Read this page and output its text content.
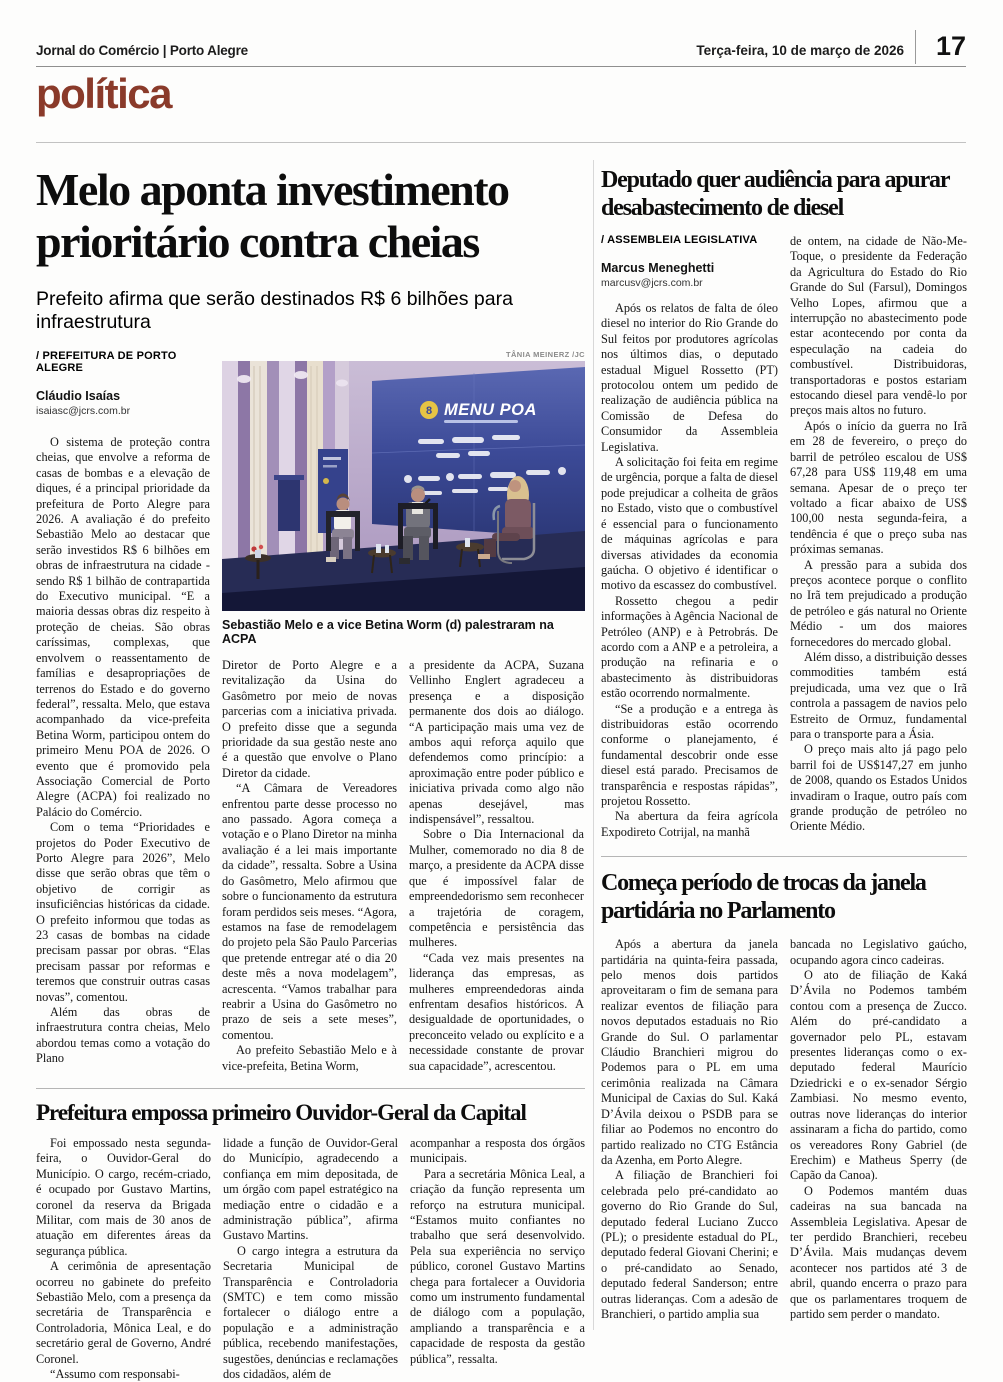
Jornal do Comércio | Porto Alegre	Terça-feira, 10 de março de 2026 17
política
Melo aponta investimento prioritário contra cheias
Prefeito afirma que serão destinados R$ 6 bilhões para infraestrutura
/ PREFEITURA DE PORTO ALEGRE
Cláudio Isaías
isaiasc@jcrs.com.br

O sistema de proteção contra cheias, que envolve a reforma de casas de bombas e a elevação de diques, é a principal prioridade da prefeitura de Porto Alegre para 2026. A avaliação é do prefeito Sebastião Melo ao destacar que serão investidos R$ 6 bilhões em obras de infraestrutura na cidade - sendo R$ 1 bilhão de contrapartida do Executivo municipal. “E a maioria dessas obras diz respeito à proteção de cheias. São obras caríssimas, complexas, que envolvem o reassentamento de famílias e desapropriações de terrenos do Estado e do governo federal”, ressalta. Melo, que estava acompanhado da vice-prefeita Betina Worm, participou ontem do primeiro Menu POA de 2026. O evento que é promovido pela Associação Comercial de Porto Alegre (ACPA) foi realizado no Palácio do Comércio.

Com o tema “Prioridades e projetos do Poder Executivo de Porto Alegre para 2026”, Melo disse que serão obras que têm o objetivo de corrigir as insuficiências históricas da cidade. O prefeito informou que todas as 23 casas de bombas na cidade precisam passar por obras. “Elas precisam passar por reformas e teremos que construir outras casas novas”, comentou.

Além das obras de infraestrutura contra cheias, Melo abordou temas como a votação do Plano

TÂNIA MEINERZ /JC
8 MENU POA
Sebastião Melo e a vice Betina Worm (d) palestraram na ACPA

Diretor de Porto Alegre e a revitalização da Usina do Gasômetro por meio de novas parcerias com a iniciativa privada. O prefeito disse que a segunda prioridade da sua gestão neste ano é a questão que envolve o Plano Diretor da cidade.

“A Câmara de Vereadores enfrentou parte desse processo no ano passado. Agora começa a votação e o Plano Diretor na minha avaliação é a lei mais importante da cidade”, ressalta. Sobre a Usina do Gasômetro, Melo afirmou que sobre o funcionamento da estrutura foram perdidos seis meses. “Agora, estamos na fase de remodelagem do projeto pela São Paulo Parcerias que pretende entregar até o dia 20 deste mês a nova modelagem”, acrescenta. “Vamos trabalhar para reabrir a Usina do Gasômetro no prazo de seis a sete meses”, comentou.

Ao prefeito Sebastião Melo e à vice-prefeita, Betina Worm,

a presidente da ACPA, Suzana Vellinho Englert agradeceu a presença e a disposição permanente dos dois ao diálogo. “A participação mais uma vez de ambos aqui reforça aquilo que defendemos como princípio: a aproximação entre poder público e iniciativa privada como algo não apenas desejável, mas indispensável”, ressaltou.

Sobre o Dia Internacional da Mulher, comemorado no dia 8 de março, a presidente da ACPA disse que é impossível falar de empreendedorismo sem reconhecer a trajetória de coragem, competência e persistência das mulheres.

“Cada vez mais presentes na liderança das empresas, as mulheres empreendedoras ainda enfrentam desafios históricos. A desigualdade de oportunidades, o preconceito velado ou explícito e a necessidade constante de provar sua capacidade”, acrescentou.

Prefeitura empossa primeiro Ouvidor-Geral da Capital

Foi empossado nesta segunda-feira, o Ouvidor-Geral do Município. O cargo, recém-criado, é ocupado por Gustavo Martins, coronel da reserva da Brigada Militar, com mais de 30 anos de atuação em diferentes áreas da segurança pública.

A cerimônia de apresentação ocorreu no gabinete do prefeito Sebastião Melo, com a presença da secretária de Transparência e Controladoria, Mônica Leal, e do secretário geral de Governo, André Coronel.

“Assumo com responsabi-

lidade a função de Ouvidor-Geral do Município, agradecendo a confiança em mim depositada, de um órgão com papel estratégico na mediação entre o cidadão e a administração pública”, afirma Gustavo Martins.

O cargo integra a estrutura da Secretaria Municipal de Transparência e Controladoria (SMTC) e tem como missão fortalecer o diálogo entre a população e a administração pública, recebendo manifestações, sugestões, denúncias e reclamações dos cidadãos, além de

acompanhar a resposta dos órgãos municipais.

Para a secretária Mônica Leal, a criação da função representa um reforço na estrutura municipal. “Estamos muito confiantes no trabalho que será desenvolvido. Pela sua experiência no serviço público, coronel Gustavo Martins chega para fortalecer a Ouvidoria como um instrumento fundamental de diálogo com a população, ampliando a transparência e a capacidade de resposta da gestão pública”, ressalta.

Deputado quer audiência para apurar desabastecimento de diesel
/ ASSEMBLEIA LEGISLATIVA
Marcus Meneghetti
marcusv@jcrs.com.br

Após os relatos de falta de óleo diesel no interior do Rio Grande do Sul feitos por produtores agrícolas nos últimos dias, o deputado estadual Miguel Rossetto (PT) protocolou ontem um pedido de realização de audiência pública na Comissão de Defesa do Consumidor da Assembleia Legislativa.

A solicitação foi feita em regime de urgência, porque a falta de diesel pode prejudicar a colheita de grãos no Estado, visto que o combustível é essencial para o funcionamento de máquinas agrícolas e para diversas atividades da economia gaúcha. O objetivo é identificar o motivo da escassez do combustível.

Rossetto chegou a pedir informações à Agência Nacional de Petróleo (ANP) e à Petrobrás. De acordo com a ANP e a petroleira, a produção na refinaria e o abastecimento às distribuidoras estão ocorrendo normalmente.

“Se a produção e a entrega às distribuidoras estão ocorrendo conforme o planejamento, é fundamental descobrir onde esse diesel está parado. Precisamos de transparência e respostas rápidas”, projetou Rossetto.

Na abertura da feira agrícola Expodireto Cotrijal, na manhã

de ontem, na cidade de Não-Me-Toque, o presidente da Federação da Agricultura do Estado do Rio Grande do Sul (Farsul), Domingos Velho Lopes, afirmou que a interrupção no abastecimento pode estar acontecendo por conta da especulação na cadeia do combustível. Distribuidoras, transportadoras e postos estariam estocando diesel para vendê-lo por preços mais altos no futuro.

Após o início da guerra no Irã em 28 de fevereiro, o preço do barril de petróleo escalou de US$ 67,28 para US$ 119,48 em uma semana. Apesar de o preço ter voltado a ficar abaixo de US$ 100,00 nesta segunda-feira, a tendência é que o preço suba nas próximas semanas.

A pressão para a subida dos preços acontece porque o conflito no Irã tem prejudicado a produção de petróleo e gás natural no Oriente Médio - um dos maiores fornecedores do mercado global.

Além disso, a distribuição desses commodities também está prejudicada, uma vez que o Irã controla a passagem de navios pelo Estreito de Ormuz, fundamental para o transporte para a Ásia.

O preço mais alto já pago pelo barril foi de US$147,27 em junho de 2008, quando os Estados Unidos invadiram o Iraque, outro país com grande produção de petróleo no Oriente Médio.

Começa período de trocas da janela partidária no Parlamento

Após a abertura da janela partidária na quinta-feira passada, pelo menos dois partidos aproveitaram o fim de semana para realizar eventos de filiação para novos deputados estaduais no Rio Grande do Sul. O parlamentar Cláudio Branchieri migrou do Podemos para o PL em uma cerimônia realizada na Câmara Municipal de Caxias do Sul. Kaká D’Ávila deixou o PSDB para se filiar ao Podemos no encontro do partido realizado no CTG Estância da Azenha, em Porto Alegre.

A filiação de Branchieri foi celebrada pelo pré-candidato ao governo do Rio Grande do Sul, deputado federal Luciano Zucco (PL); o presidente estadual do PL, deputado federal Giovani Cherini; e o pré-candidato ao Senado, deputado federal Sanderson; entre outras lideranças. Com a adesão de Branchieri, o partido amplia sua

bancada no Legislativo gaúcho, ocupando agora cinco cadeiras.

O ato de filiação de Kaká D’Ávila no Podemos também contou com a presença de Zucco. Além do pré-candidato a governador pelo PL, estavam presentes lideranças como o ex-deputado federal Maurício Dziedricki e o ex-senador Sérgio Zambiasi. No mesmo evento, outras nove lideranças do interior assinaram a ficha do partido, como os vereadores Rony Gabriel (de Erechim) e Matheus Sperry (de Capão da Canoa).

O Podemos mantém duas cadeiras na sua bancada na Assembleia Legislativa. Apesar de ter perdido Branchieri, recebeu D’Ávila. Mais mudanças devem acontecer nos partidos até 3 de abril, quando encerra o prazo para que os parlamentares troquem de partido sem perder o mandato.
